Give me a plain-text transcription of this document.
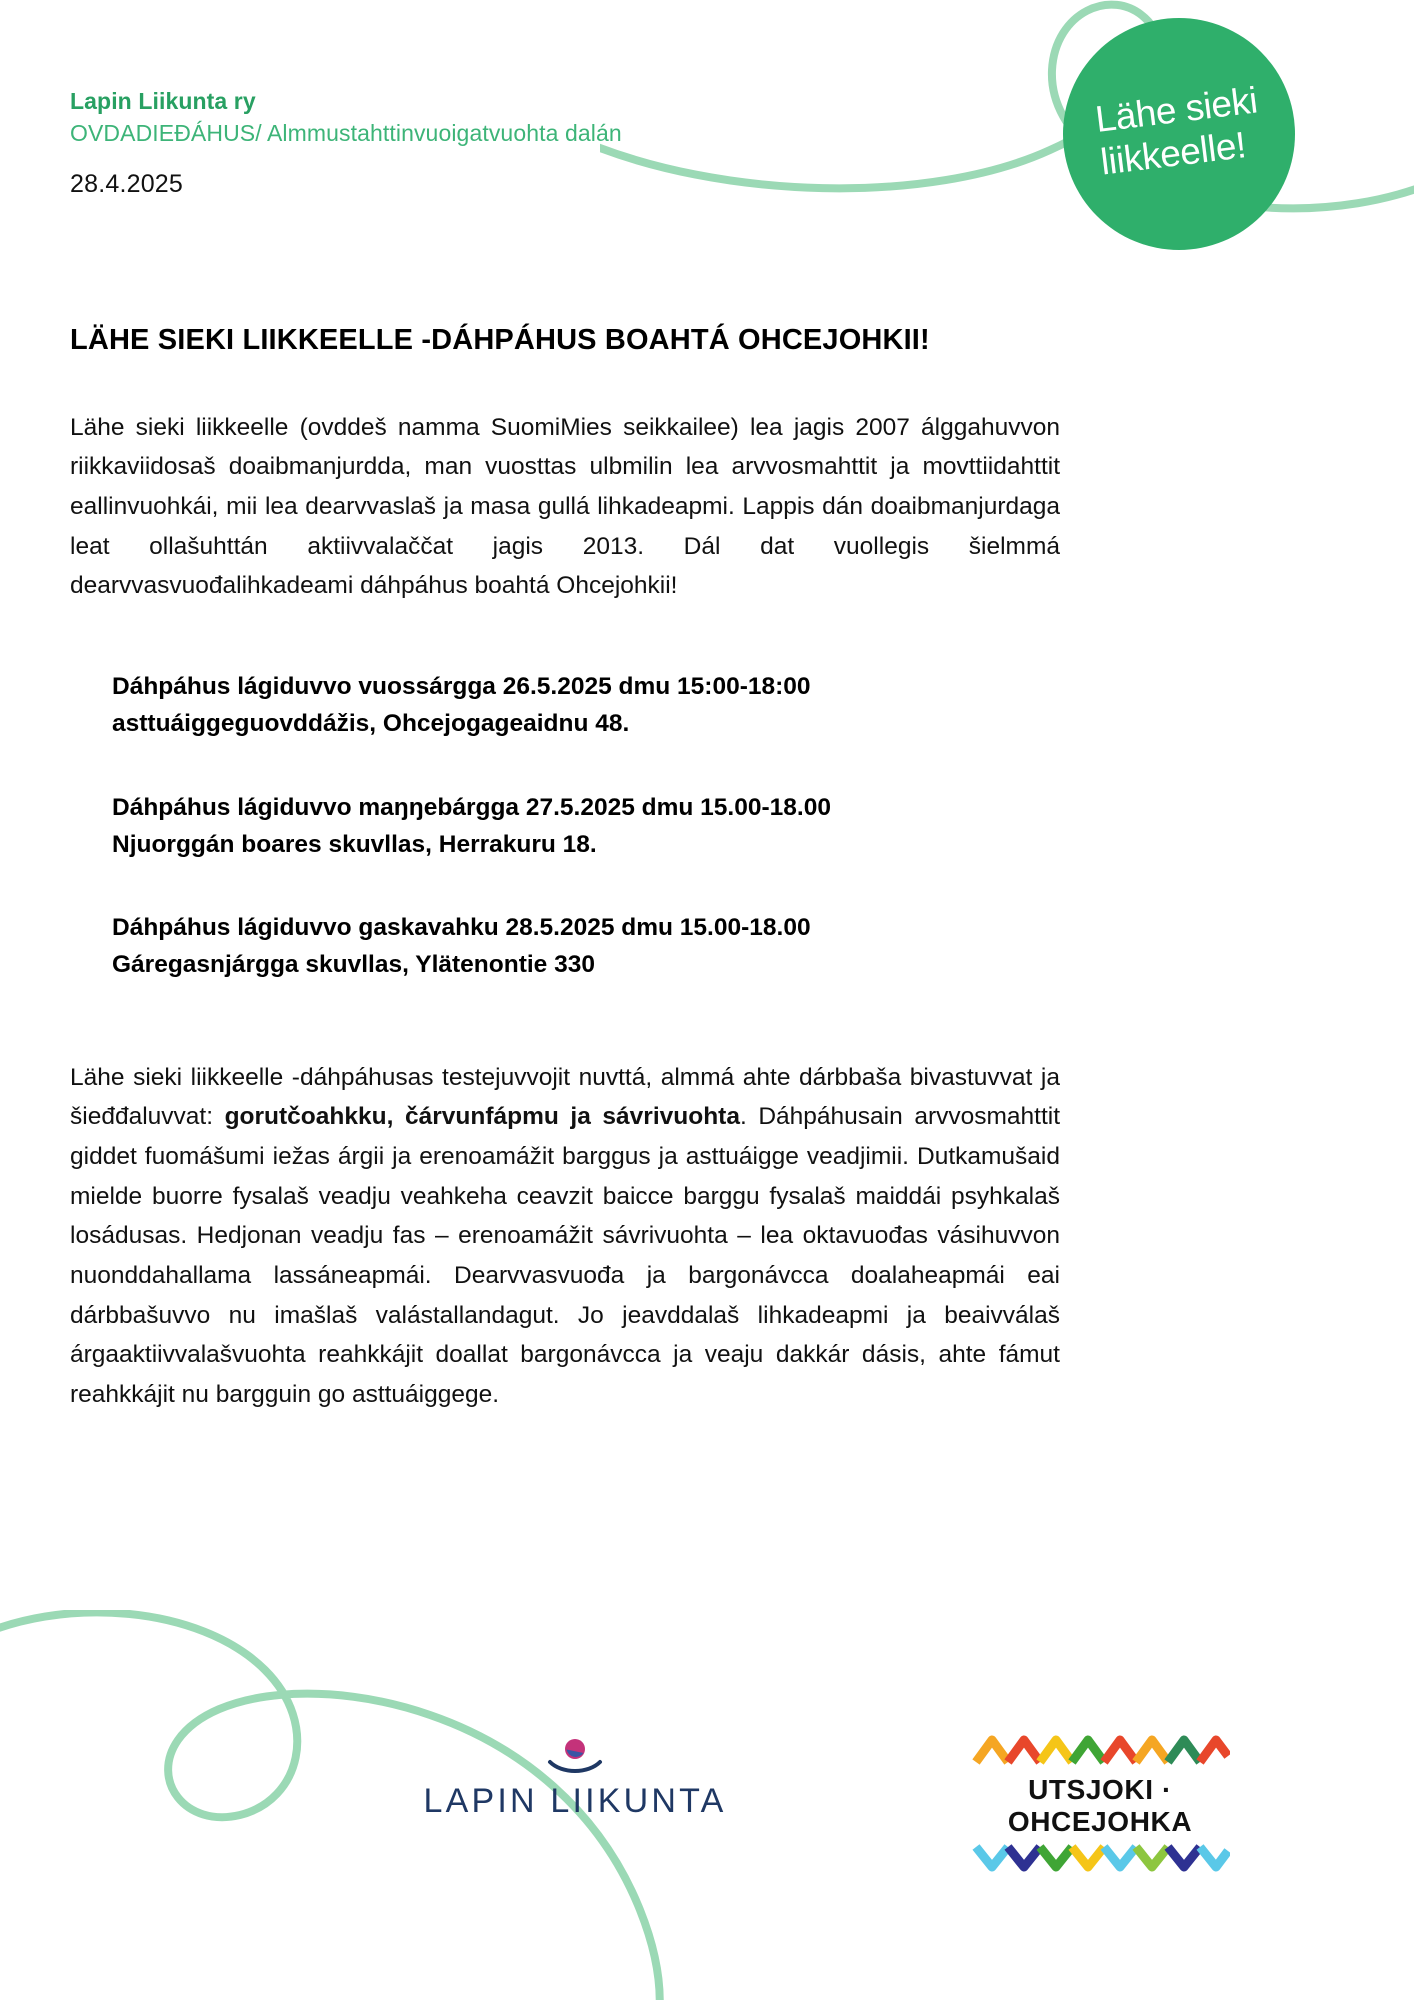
Lähe sieki
liikkeelle!
Lapin Liikunta ry
OVDADIEÐÁHUS/ Almmustahttinvuoigatvuohta dalán
28.4.2025
LÄHE SIEKI LIIKKEELLE -DÁHPÁHUS BOAHTÁ OHCEJOHKII!

Lähe sieki liikkeelle (ovddeš namma SuomiMies seikkailee) lea jagis 2007 álggahuvvon riikkaviidosaš doaibmanjurdda, man vuosttas ulbmilin lea arvvosmahttit ja movttiidahttit eallinvuohkái, mii lea dearvvaslaš ja masa gullá lihkadeapmi. Lappis dán doaibmanjurdaga leat ollašuhttán aktiivvalaččat jagis 2013. Dál dat vuollegis šielmmá dearvvasvuođalihkadeami dáhpáhus boahtá Ohcejohkii!

Dáhpáhus lágiduvvo vuossárgga 26.5.2025 dmu 15:00-18:00
asttuáiggeguovddážis, Ohcejogageaidnu 48.
Dáhpáhus lágiduvvo maŋŋebárgga 27.5.2025 dmu 15.00-18.00
Njuorggán boares skuvllas, Herrakuru 18.
Dáhpáhus lágiduvvo gaskavahku 28.5.2025 dmu 15.00-18.00
Gáregasnjárgga skuvllas, Ylätenontie 330

Lähe sieki liikkeelle -dáhpáhusas testejuvvojit nuvttá, almmá ahte dárbbaša bivastuvvat ja šieđđaluvvat: gorutčoahkku, čárvunfápmu ja sávrivuohta. Dáhpáhusain arvvosmahttit giddet fuomášumi iežas árgii ja erenoamážit barggus ja asttuáigge veadjimii. Dutkamušaid mielde buorre fysalaš veadju veahkeha ceavzit baicce barggu fysalaš maiddái psyhkalaš losádusas. Hedjonan veadju fas – erenoamážit sávrivuohta – lea oktavuođas vásihuvvon nuonddahallama lassáneapmái. Dearvvasvuođa ja bargonávcca doalaheapmái eai dárbbašuvvo nu imašlaš valástallandagut. Jo jeavddalaš lihkadeapmi ja beaivválaš árgaaktiivvalašvuohta reahkkájit doallat bargonávcca ja veaju dakkár dásis, ahte fámut reahkkájit nu bargguin go asttuáiggege.

LAPIN LIIKUNTA	UTSJOKI · OHCEJOHKA
